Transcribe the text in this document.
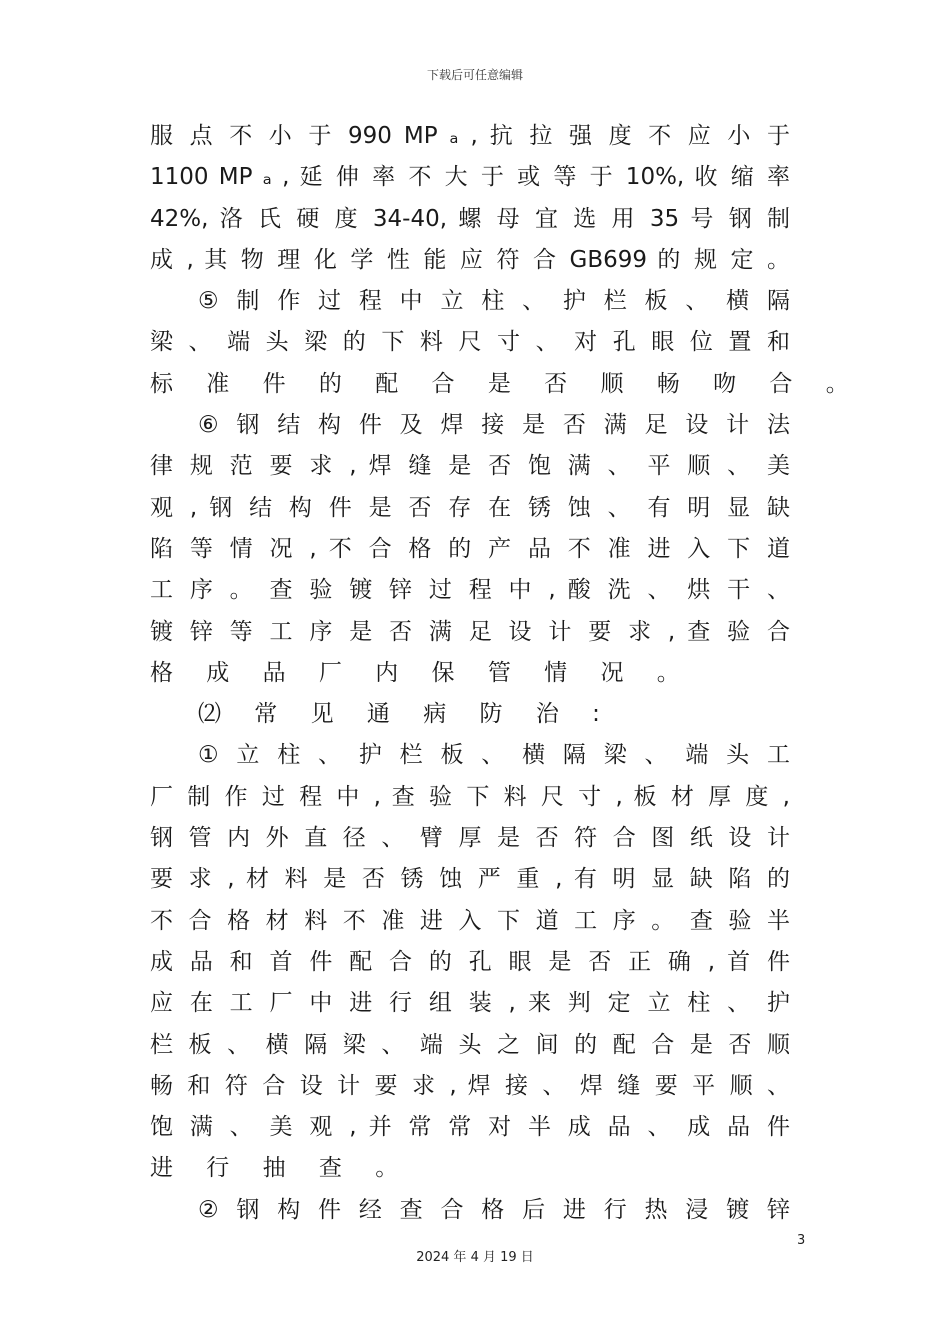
下载后可任意编辑
服 点 不 小 于 990 MP ₐ , 抗 拉 强 度 不 应 小 于
1100 MP ₐ , 延 伸 率 不 大 于 或 等 于 10%, 收 缩 率
42%, 洛 氏 硬 度 34-40, 螺 母 宜 选 用 35 号 钢 制
成 , 其 物 理 化 学 性 能 应 符 合 GB699 的 规 定 。
⑤ 制 作 过 程 中 立 柱 、 护 栏 板 、 横 隔
梁 、 端 头 梁 的 下 料 尺 寸 、 对 孔 眼 位 置 和
标 准 件 的 配 合 是 否 顺 畅 吻 合 。
⑥ 钢 结 构 件 及 焊 接 是 否 满 足 设 计 法
律 规 范 要 求 , 焊 缝 是 否 饱 满 、 平 顺 、 美
观 , 钢 结 构 件 是 否 存 在 锈 蚀 、 有 明 显 缺
陷 等 情 况 , 不 合 格 的 产 品 不 准 进 入 下 道
工 序 。 查 验 镀 锌 过 程 中 , 酸 洗 、 烘 干 、
镀 锌 等 工 序 是 否 满 足 设 计 要 求 , 查 验 合
格 成 品 厂 内 保 管 情 况 。
⑵ 常 见 通 病 防 治 :
① 立 柱 、 护 栏 板 、 横 隔 梁 、 端 头 工
厂 制 作 过 程 中 , 查 验 下 料 尺 寸 , 板 材 厚 度 ,
钢 管 内 外 直 径 、 臂 厚 是 否 符 合 图 纸 设 计
要 求 , 材 料 是 否 锈 蚀 严 重 , 有 明 显 缺 陷 的
不 合 格 材 料 不 准 进 入 下 道 工 序 。 查 验 半
成 品 和 首 件 配 合 的 孔 眼 是 否 正 确 , 首 件
应 在 工 厂 中 进 行 组 装 , 来 判 定 立 柱 、 护
栏 板 、 横 隔 梁 、 端 头 之 间 的 配 合 是 否 顺
畅 和 符 合 设 计 要 求 , 焊 接 、 焊 缝 要 平 顺 、
饱 满 、 美 观 , 并 常 常 对 半 成 品 、 成 品 件
进 行 抽 查 。
② 钢 构 件 经 查 合 格 后 进 行 热 浸 镀 锌
3
2024 年 4 月 19 日
